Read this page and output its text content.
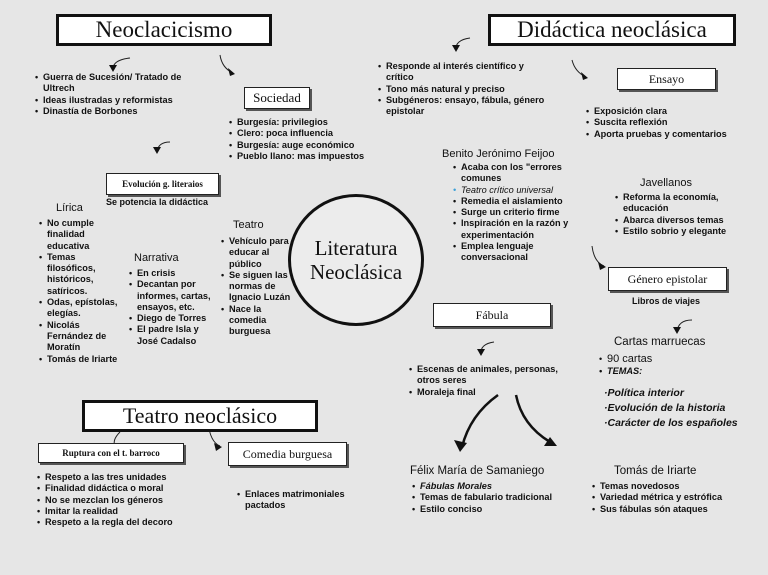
Neoclacicismo	Didáctica neoclásica
Literatura
Neoclásica
• Guerra de Sucesión/ Tratado de Ultrech
• Ideas ilustradas y reformistas
• Dinastía de Borbones
Sociedad
• Burgesía: privilegios
• Clero: poca influencia
• Burgesía: auge económico
• Pueblo llano: mas impuestos
Evolución g. literaios
Se potencia la didáctica
Lírica
• No cumple finalidad educativa
• Temas filosóficos, históricos, satíricos.
• Odas, epístolas, elegías.
• Nicolás Fernández de Moratín
• Tomás de Iriarte
Narrativa
• En crisis
• Decantan por informes, cartas, ensayos, etc.
• Diego de Torres
• El padre Isla y José Cadalso
Teatro
• Vehículo para educar al público
• Se siguen las normas de Ignacio Luzán
• Nace la comedia burguesa
• Responde al interés científico y crítico
• Tono más natural y preciso
• Subgéneros: ensayo, fábula, género epistolar
Ensayo
• Exposición clara
• Suscita reflexión
• Aporta pruebas y comentarios
Benito Jerónimo Feijoo
• Acaba con los "errores comunes
• Teatro crítico universal
• Remedia el aislamiento
• Surge un criterio firme
• Inspiración en la razón y experimentación
• Emplea lenguaje conversacional
Javellanos
• Reforma la economía, educación
• Abarca diversos temas
• Estilo sobrio y elegante
Género epistolar
Libros de viajes
Cartas marruecas
• 90 cartas
• TEMAS:
·Política interior
·Evolución de la historia
·Carácter de los españoles
Fábula
• Escenas de animales, personas, otros seres
• Moraleja final
Félix María de Samaniego
• Fábulas Morales
• Temas de fabulario tradicional
• Estilo conciso
Tomás de Iriarte
• Temas novedosos
• Variedad métrica y estrófica
• Sus fábulas són ataques
Teatro neoclásico
Ruptura con el t. barroco
• Respeto a las tres unidades
• Finalidad didáctica o moral
• No se mezclan los géneros
• Imitar la realidad
• Respeto a la regla del decoro
Comedia burguesa
• Enlaces matrimoniales pactados
